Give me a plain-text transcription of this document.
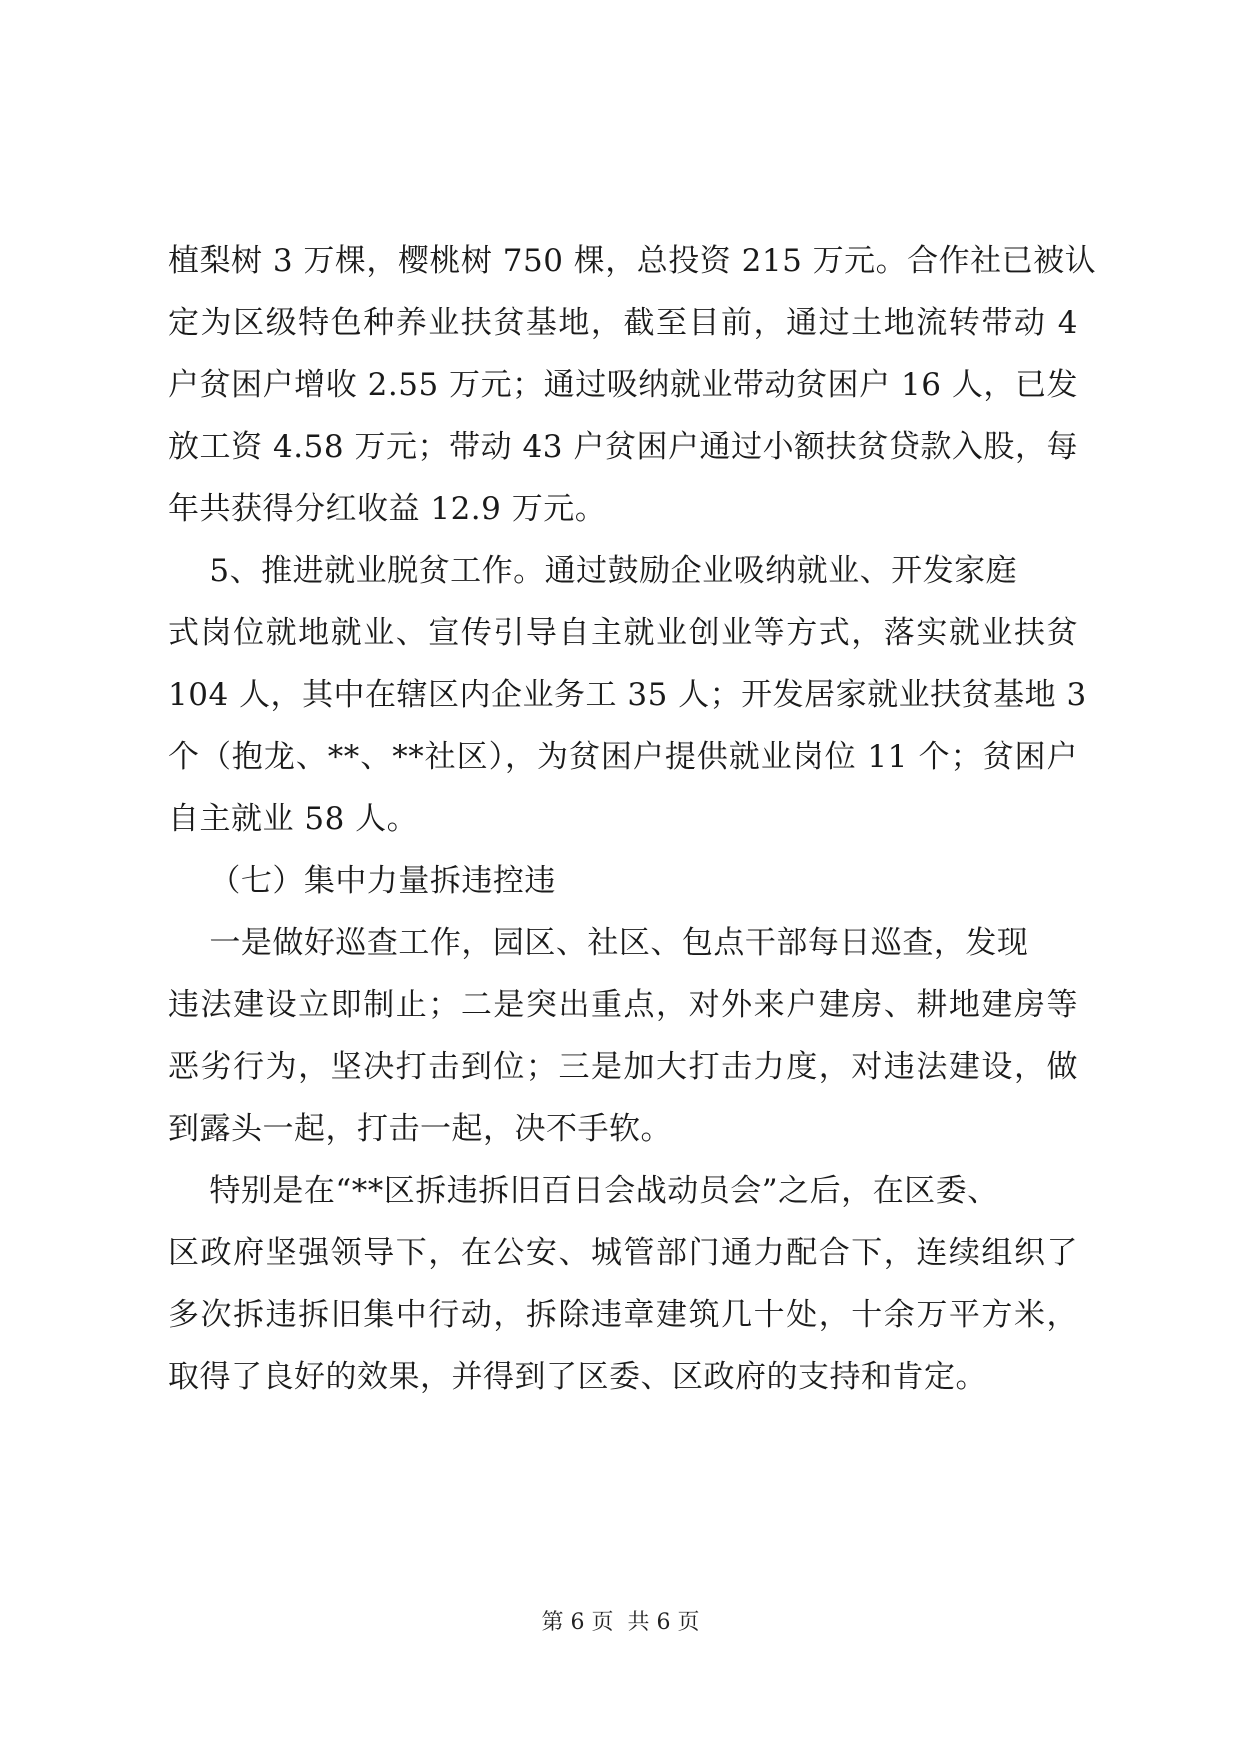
植梨树 3 万棵，樱桃树 750 棵，总投资 215 万元。合作社已被认
定为区级特色种养业扶贫基地，截至目前，通过土地流转带动 4
户贫困户增收 2.55 万元；通过吸纳就业带动贫困户 16 人，已发
放工资 4.58 万元；带动 43 户贫困户通过小额扶贫贷款入股，每
年共获得分红收益 12.9 万元。
5、推进就业脱贫工作。通过鼓励企业吸纳就业、开发家庭
式岗位就地就业、宣传引导自主就业创业等方式，落实就业扶贫
104 人，其中在辖区内企业务工 35 人；开发居家就业扶贫基地 3
个（抱龙、**、**社区），为贫困户提供就业岗位 11 个；贫困户
自主就业 58 人。
（七）集中力量拆违控违
一是做好巡查工作，园区、社区、包点干部每日巡查，发现
违法建设立即制止；二是突出重点，对外来户建房、耕地建房等
恶劣行为，坚决打击到位；三是加大打击力度，对违法建设，做
到露头一起，打击一起，决不手软。
特别是在“**区拆违拆旧百日会战动员会”之后，在区委、
区政府坚强领导下，在公安、城管部门通力配合下，连续组织了
多次拆违拆旧集中行动，拆除违章建筑几十处，十余万平方米，
取得了良好的效果，并得到了区委、区政府的支持和肯定。
第 6 页  共 6 页
